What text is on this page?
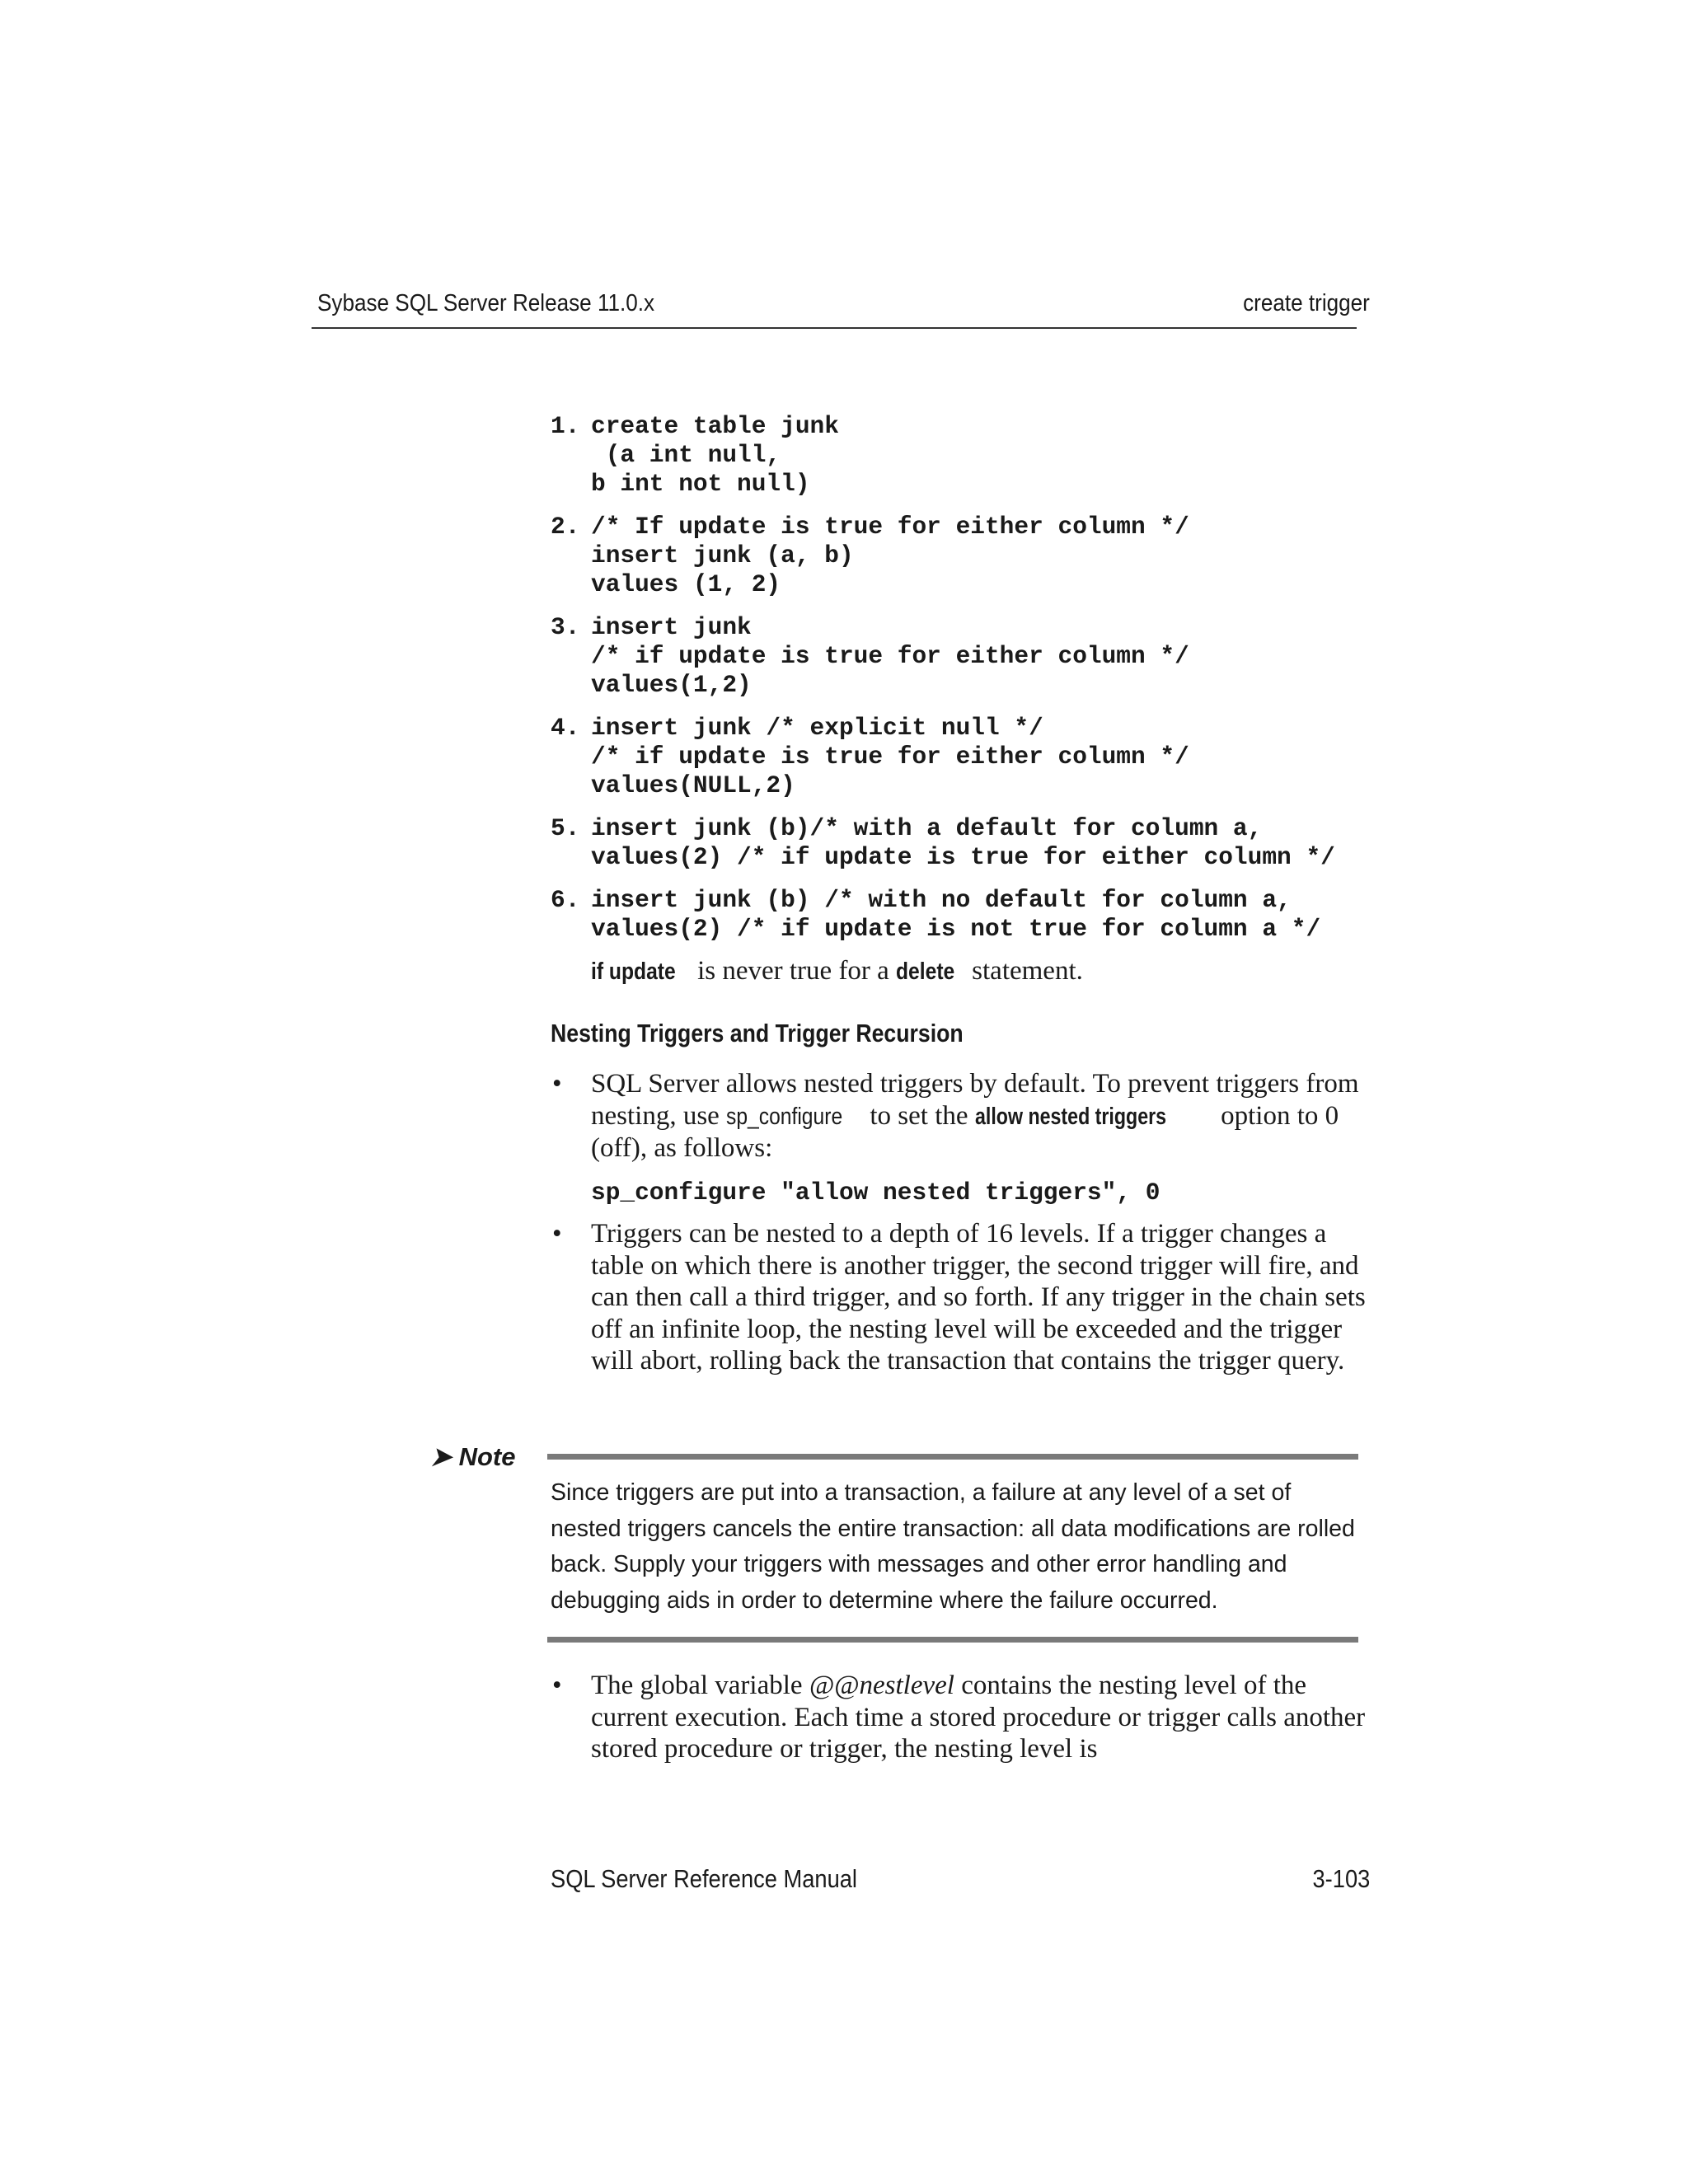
Sybase SQL Server Release 11.0.x	create trigger
1. create table junk
(a int null,
b int not null)
2. /* If update is true for either column */
insert junk (a, b)
values (1, 2)
3. insert junk
/* if update is true for either column */
values(1,2)
4. insert junk /* explicit null */
/* if update is true for either column */
values(NULL,2)
5. insert junk (b)/* with a default for column a,
values(2) /* if update is true for either column */
6. insert junk (b) /* with no default for column a,
values(2) /* if update is not true for column a */
if update is never true for a delete statement.
Nesting Triggers and Trigger Recursion
• SQL Server allows nested triggers by default. To prevent triggers from nesting, use sp_configure to set the allow nested triggers option to 0 (off), as follows:
sp_configure "allow nested triggers", 0
• Triggers can be nested to a depth of 16 levels. If a trigger changes a table on which there is another trigger, the second trigger will fire, and can then call a third trigger, and so forth. If any trigger in the chain sets off an infinite loop, the nesting level will be exceeded and the trigger will abort, rolling back the transaction that contains the trigger query.
➤ Note
Since triggers are put into a transaction, a failure at any level of a set of nested triggers cancels the entire transaction: all data modifications are rolled back. Supply your triggers with messages and other error handling and debugging aids in order to determine where the failure occurred.
• The global variable @@nestlevel contains the nesting level of the current execution. Each time a stored procedure or trigger calls another stored procedure or trigger, the nesting level is
SQL Server Reference Manual	3-103
